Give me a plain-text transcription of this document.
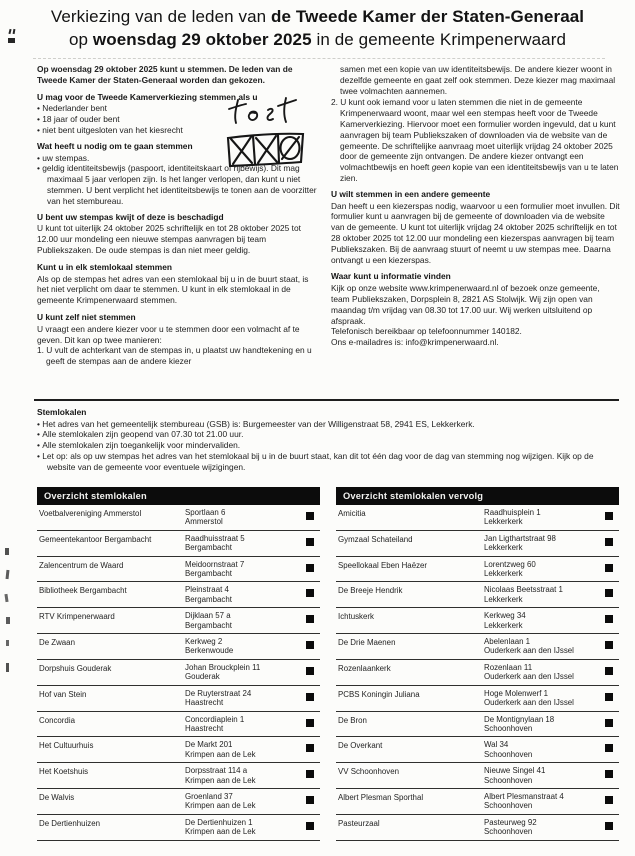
Verkiezing van de leden van de Tweede Kamer der Staten-Generaal
op woensdag 29 oktober 2025 in de gemeente Krimpenerwaard

Op woensdag 29 oktober 2025 kunt u stemmen. De leden van de Tweede Kamer der Staten-Generaal worden dan gekozen.

U mag voor de Tweede Kamerverkiezing stemmen als u
• Nederlander bent
• 18 jaar of ouder bent
• niet bent uitgesloten van het kiesrecht
Wat heeft u nodig om te gaan stemmen
• uw stempas.
• geldig identiteitsbewijs (paspoort, identiteitskaart of rijbewijs). Dit mag maximaal 5 jaar verlopen zijn. Is het langer verlopen, dan kunt u niet stemmen. U bent verplicht het identiteitsbewijs te tonen aan de voorzitter van het stembureau.
U bent uw stempas kwijt of deze is beschadigd

U kunt tot uiterlijk 24 oktober 2025 schriftelijk en tot 28 oktober 2025 tot 12.00 uur mondeling een nieuwe stempas aanvragen bij team Publiekszaken. De oude stempas is dan niet meer geldig.

Kunt u in elk stemlokaal stemmen

Als op de stempas het adres van een stemlokaal bij u in de buurt staat, is het niet verplicht om daar te stemmen. U kunt in elk stemlokaal in de gemeente Krimpenerwaard stemmen.

U kunt zelf niet stemmen

U vraagt een andere kiezer voor u te stemmen door een volmacht af te geven. Dit kan op twee manieren:

1. U vult de achterkant van de stempas in, u plaatst uw handtekening en u geeft de stempas aan de andere kiezer

samen met een kopie van uw identiteitsbewijs. De andere kiezer woont in dezelfde gemeente en gaat zelf ook stemmen. Deze kiezer mag maximaal twee volmachten aannemen.

2. U kunt ook iemand voor u laten stemmen die niet in de gemeente Krimpenerwaard woont, maar wel een stempas heeft voor de Tweede Kamerverkiezing. Hiervoor moet een formulier worden ingevuld, dat u kunt aanvragen bij team Publiekszaken of downloaden via de website van de gemeente. De schriftelijke aanvraag moet uiterlijk vrijdag 24 oktober 2025 door de gemeente zijn ontvangen. De andere kiezer ontvangt een volmachtbewijs en hoeft geen kopie van een identiteitsbewijs van u te laten zien.

U wilt stemmen in een andere gemeente

Dan heeft u een kiezerspas nodig, waarvoor u een formulier moet invullen. Dit formulier kunt u aanvragen bij de gemeente of downloaden via de website van de gemeente. U kunt tot uiterlijk vrijdag 24 oktober 2025 schriftelijk en tot 28 oktober 2025 tot 12.00 uur mondeling een kiezerspas aanvragen bij team Publiekszaken. Bij de aanvraag stuurt of neemt u uw stempas mee. Daarna ontvangt u een kiezerspas.

Waar kunt u informatie vinden

Kijk op onze website www.krimpenerwaard.nl of bezoek onze gemeente, team Publiekszaken, Dorpsplein 8, 2821 AS Stolwijk. Wij zijn open van maandag t/m vrijdag van 08.30 tot 17.00 uur. Wij werken uitsluitend op afspraak.

Telefonisch bereikbaar op telefoonnummer 140182.

Ons e-mailadres is: info@krimpenerwaard.nl.

Stemlokalen
• Het adres van het gemeentelijk stembureau (GSB) is: Burgemeester van der Willigenstraat 58, 2941 ES, Lekkerkerk.
• Alle stemlokalen zijn geopend van 07.30 tot 21.00 uur.
• Alle stemlokalen zijn toegankelijk voor mindervaliden.
• Let op: als op uw stempas het adres van het stemlokaal bij u in de buurt staat, kan dit tot één dag voor de dag van stemming nog wijzigen. Kijk op de website van de gemeente voor eventuele wijzigingen.
Overzicht stemlokalen
Voetbalvereniging Ammerstol	Sportlaan 6
Ammerstol
Gemeentekantoor Bergambacht	Raadhuisstraat 5
Bergambacht
Zalencentrum de Waard	Meidoornstraat 7
Bergambacht
Bibliotheek Bergambacht	Pleinstraat 4
Bergambacht
RTV Krimpenerwaard	Dijklaan 57 a
Bergambacht
De Zwaan	Kerkweg 2
Berkenwoude
Dorpshuis Gouderak	Johan Brouckplein 11
Gouderak
Hof van Stein	De Ruyterstraat 24
Haastrecht
Concordia	Concordiaplein 1
Haastrecht
Het Cultuurhuis	De Markt 201
Krimpen aan de Lek
Het Koetshuis	Dorpsstraat 114 a
Krimpen aan de Lek
De Walvis	Groenland 37
Krimpen aan de Lek
De Dertienhuizen	De Dertienhuizen 1
Krimpen aan de Lek
Overzicht stemlokalen vervolg
Amicitia	Raadhuisplein 1
Lekkerkerk
Gymzaal Schateiland	Jan Ligthartstraat 98
Lekkerkerk
Speellokaal Eben Haëzer	Lorentzweg 60
Lekkerkerk
De Breeje Hendrik	Nicolaas Beetsstraat 1
Lekkerkerk
Ichtuskerk	Kerkweg 34
Lekkerkerk
De Drie Maenen	Abelenlaan 1
Ouderkerk aan den IJssel
Rozenlaankerk	Rozenlaan 11
Ouderkerk aan den IJssel
PCBS Koningin Juliana	Hoge Molenwerf 1
Ouderkerk aan den IJssel
De Bron	De Montignylaan 18
Schoonhoven
De Overkant	Wal 34
Schoonhoven
VV Schoonhoven	Nieuwe Singel 41
Schoonhoven
Albert Plesman Sporthal	Albert Plesmanstraat 4
Schoonhoven
Pasteurzaal	Pasteurweg 92
Schoonhoven
